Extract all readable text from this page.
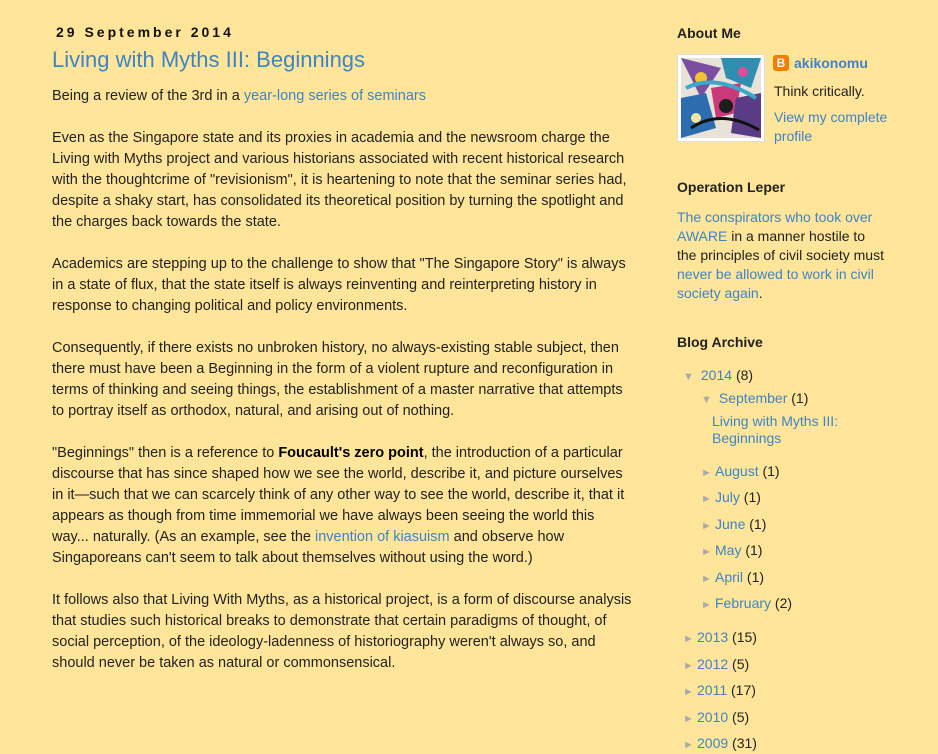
29 September 2014
Living with Myths III: Beginnings

Being a review of the 3rd in a year-long series of seminars

Even as the Singapore state and its proxies in academia and the newsroom charge the Living with Myths project and various historians associated with recent historical research with the thoughtcrime of "revisionism", it is heartening to note that the seminar series had, despite a shaky start, has consolidated its theoretical position by turning the spotlight and the charges back towards the state.

Academics are stepping up to the challenge to show that "The Singapore Story" is always in a state of flux, that the state itself is always reinventing and reinterpreting history in response to changing political and policy environments.

Consequently, if there exists no unbroken history, no always-existing stable subject, then there must have been a Beginning in the form of a violent rupture and reconfiguration in terms of thinking and seeing things, the establishment of a master narrative that attempts to portray itself as orthodox, natural, and arising out of nothing.

"Beginnings" then is a reference to Foucault's zero point, the introduction of a particular discourse that has since shaped how we see the world, describe it, and picture ourselves in it—such that we can scarcely think of any other way to see the world, describe it, that it appears as though from time immemorial we have always been seeing the world this way... naturally. (As an example, see the invention of kiasuism and observe how Singaporeans can't seem to talk about themselves without using the word.)

It follows also that Living With Myths, as a historical project, is a form of discourse analysis that studies such historical breaks to demonstrate that certain paradigms of thought, of social perception, of the ideology-ladenness of historiography weren't always so, and should never be taken as natural or commonsensical.

About Me
B akikonomu
Think critically.
View my complete profile
Operation Leper
The conspirators who took over AWARE in a manner hostile to the principles of civil society must never be allowed to work in civil society again.
Blog Archive
▼ 2014 (8)
▼ September (1)
Living with Myths III: Beginnings
► August (1)
► July (1)
► June (1)
► May (1)
► April (1)
► February (2)
► 2013 (15)
► 2012 (5)
► 2011 (17)
► 2010 (5)
► 2009 (31)
